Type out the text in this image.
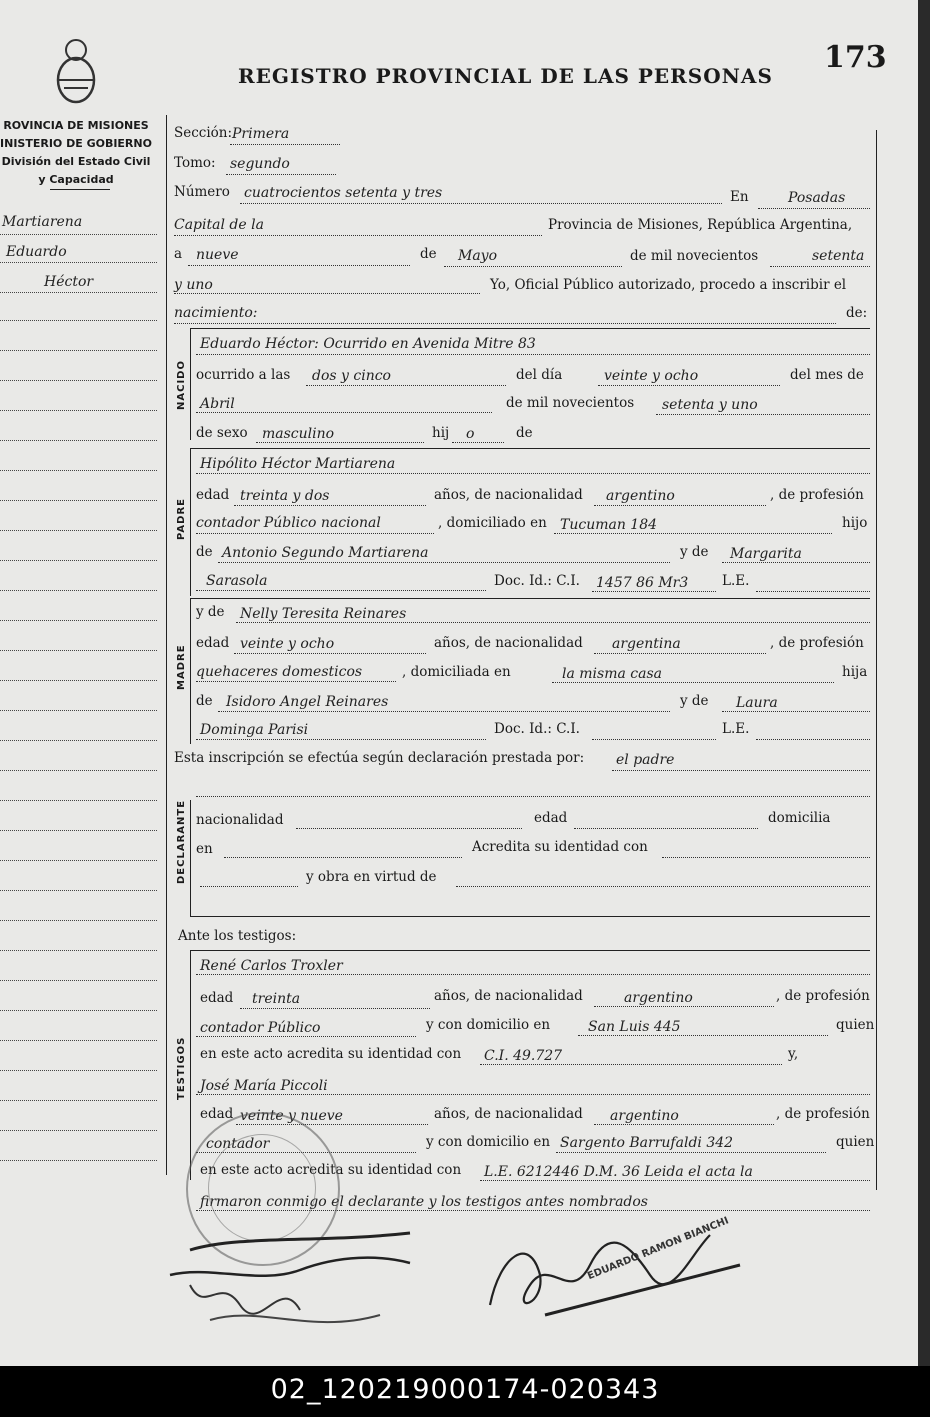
REGISTRO PROVINCIAL DE LAS PERSONAS
173
ROVINCIA DE MISIONES
INISTERIO DE GOBIERNO
División del Estado Civil
y Capacidad
Martiarena
Eduardo
Héctor
Sección: Primera
Tomo: segundo
Número cuatrocientos setenta y tres	En	Posadas
Capital de la	Provincia de Misiones, República Argentina,
a nueve	de Mayo	de mil novecientos	setenta
y uno	Yo, Oficial Público autorizado, procedo a inscribir el
nacimiento:	de:
NACIDO
Eduardo Héctor: Ocurrido en Avenida Mitre 83
ocurrido a las dos y cinco	del día	veinte y ocho	del mes de
Abril	de mil novecientos setenta y uno
de sexo masculino	hij o	de
PADRE
Hipólito Héctor Martiarena
edad treinta y dos	años, de nacionalidad argentino	, de profesión
contador Público nacional	, domiciliado en Tucuman 184	hijo
de Antonio Segundo Martiarena	y de Margarita
Sarasola	Doc. Id.: C.I. 1457 86 Mr3 L.E.
MADRE
y de Nelly Teresita Reinares
edad veinte y ocho	años, de nacionalidad argentina	, de profesión
quehaceres domesticos	, domiciliada en	la misma casa	hija
de Isidoro Angel Reinares	y de Laura
Dominga Parisi	Doc. Id.: C.I.	L.E.
Esta inscripción se efectúa según declaración prestada por: el padre
DECLARANTE nacionalidad	edad	domicilia
en	Acredita su identidad con
y obra en virtud de
Ante los testigos:
TESTIGOS
René Carlos Troxler
edad treinta	años, de nacionalidad	argentino	, de profesión
contador Público	y con domicilio en	San Luis 445	quien
en este acto acredita su identidad con C.I. 49.727	y,
José María Piccoli
edad veinte y nueve	años, de nacionalidad argentino	, de profesión
contador	y con domicilio en Sargento Barrufaldi 342	quien
en este acto acredita su identidad con L.E. 6212446 D.M. 36 Leida el acta la
firmaron conmigo el declarante y los testigos antes nombrados
EDUARDO RAMON BIANCHI
02_120219000174-020343
